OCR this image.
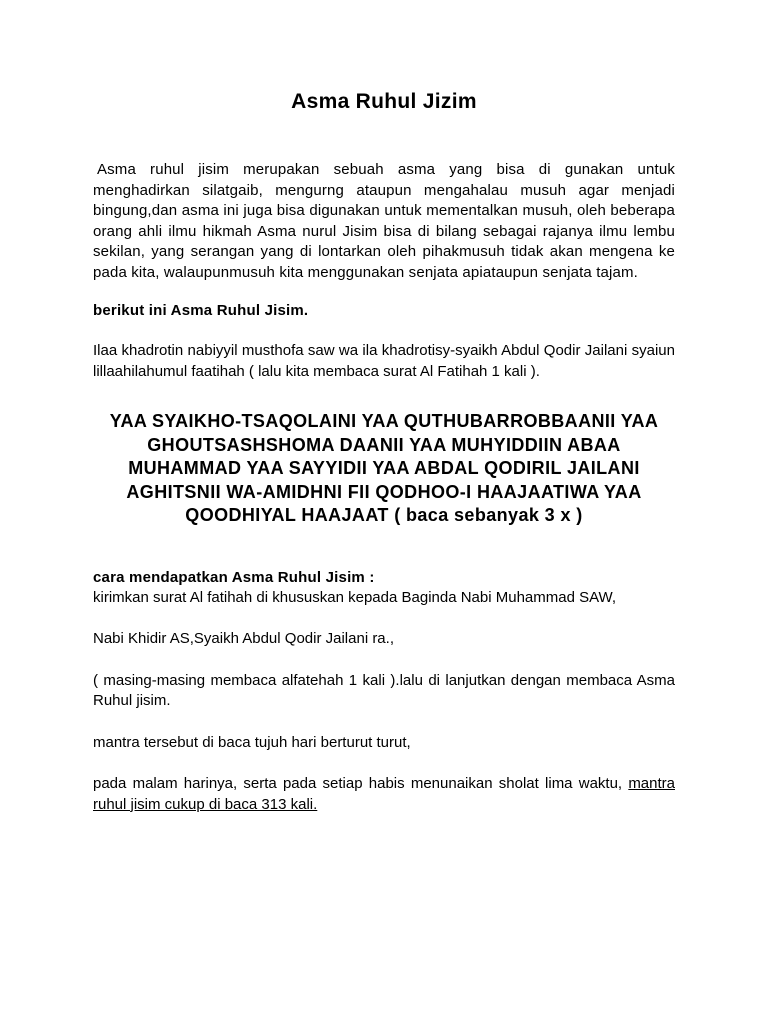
Asma Ruhul Jizim

Asma ruhul jisim merupakan sebuah asma yang bisa di gunakan untuk menghadirkan silatgaib, mengurng ataupun mengahalau musuh agar menjadi bingung,dan asma ini juga bisa digunakan untuk mementalkan musuh, oleh beberapa orang ahli ilmu hikmah Asma nurul Jisim bisa di bilang sebagai rajanya ilmu lembu sekilan, yang serangan yang di lontarkan oleh pihakmusuh tidak akan mengena ke pada kita, walaupunmusuh kita menggunakan senjata apiataupun senjata tajam.

berikut ini Asma Ruhul Jisim.

Ilaa khadrotin nabiyyil musthofa saw wa ila khadrotisy-syaikh Abdul Qodir Jailani syaiun lillaahilahumul faatihah ( lalu kita membaca surat Al Fatihah 1 kali ).

YAA SYAIKHO-TSAQOLAINI YAA QUTHUBARROBBAANII YAA GHOUTSASHSHOMA DAANII YAA MUHYIDDIIN ABAA MUHAMMAD YAA SAYYIDII YAA ABDAL QODIRIL JAILANI AGHITSNII WA-AMIDHNI FII QODHOO-I HAAJAATIWA YAA QOODHIYAL HAAJAAT ( baca sebanyak 3 x )

cara mendapatkan Asma Ruhul Jisim :

kirimkan surat Al fatihah di khususkan kepada Baginda Nabi Muhammad SAW,

Nabi Khidir AS,Syaikh Abdul Qodir Jailani ra.,

( masing-masing membaca alfatehah 1 kali ).lalu di lanjutkan dengan membaca Asma Ruhul jisim.

mantra tersebut di baca tujuh hari berturut turut,

pada malam harinya, serta pada setiap habis menunaikan sholat lima waktu, mantra ruhul jisim cukup di baca 313 kali.
